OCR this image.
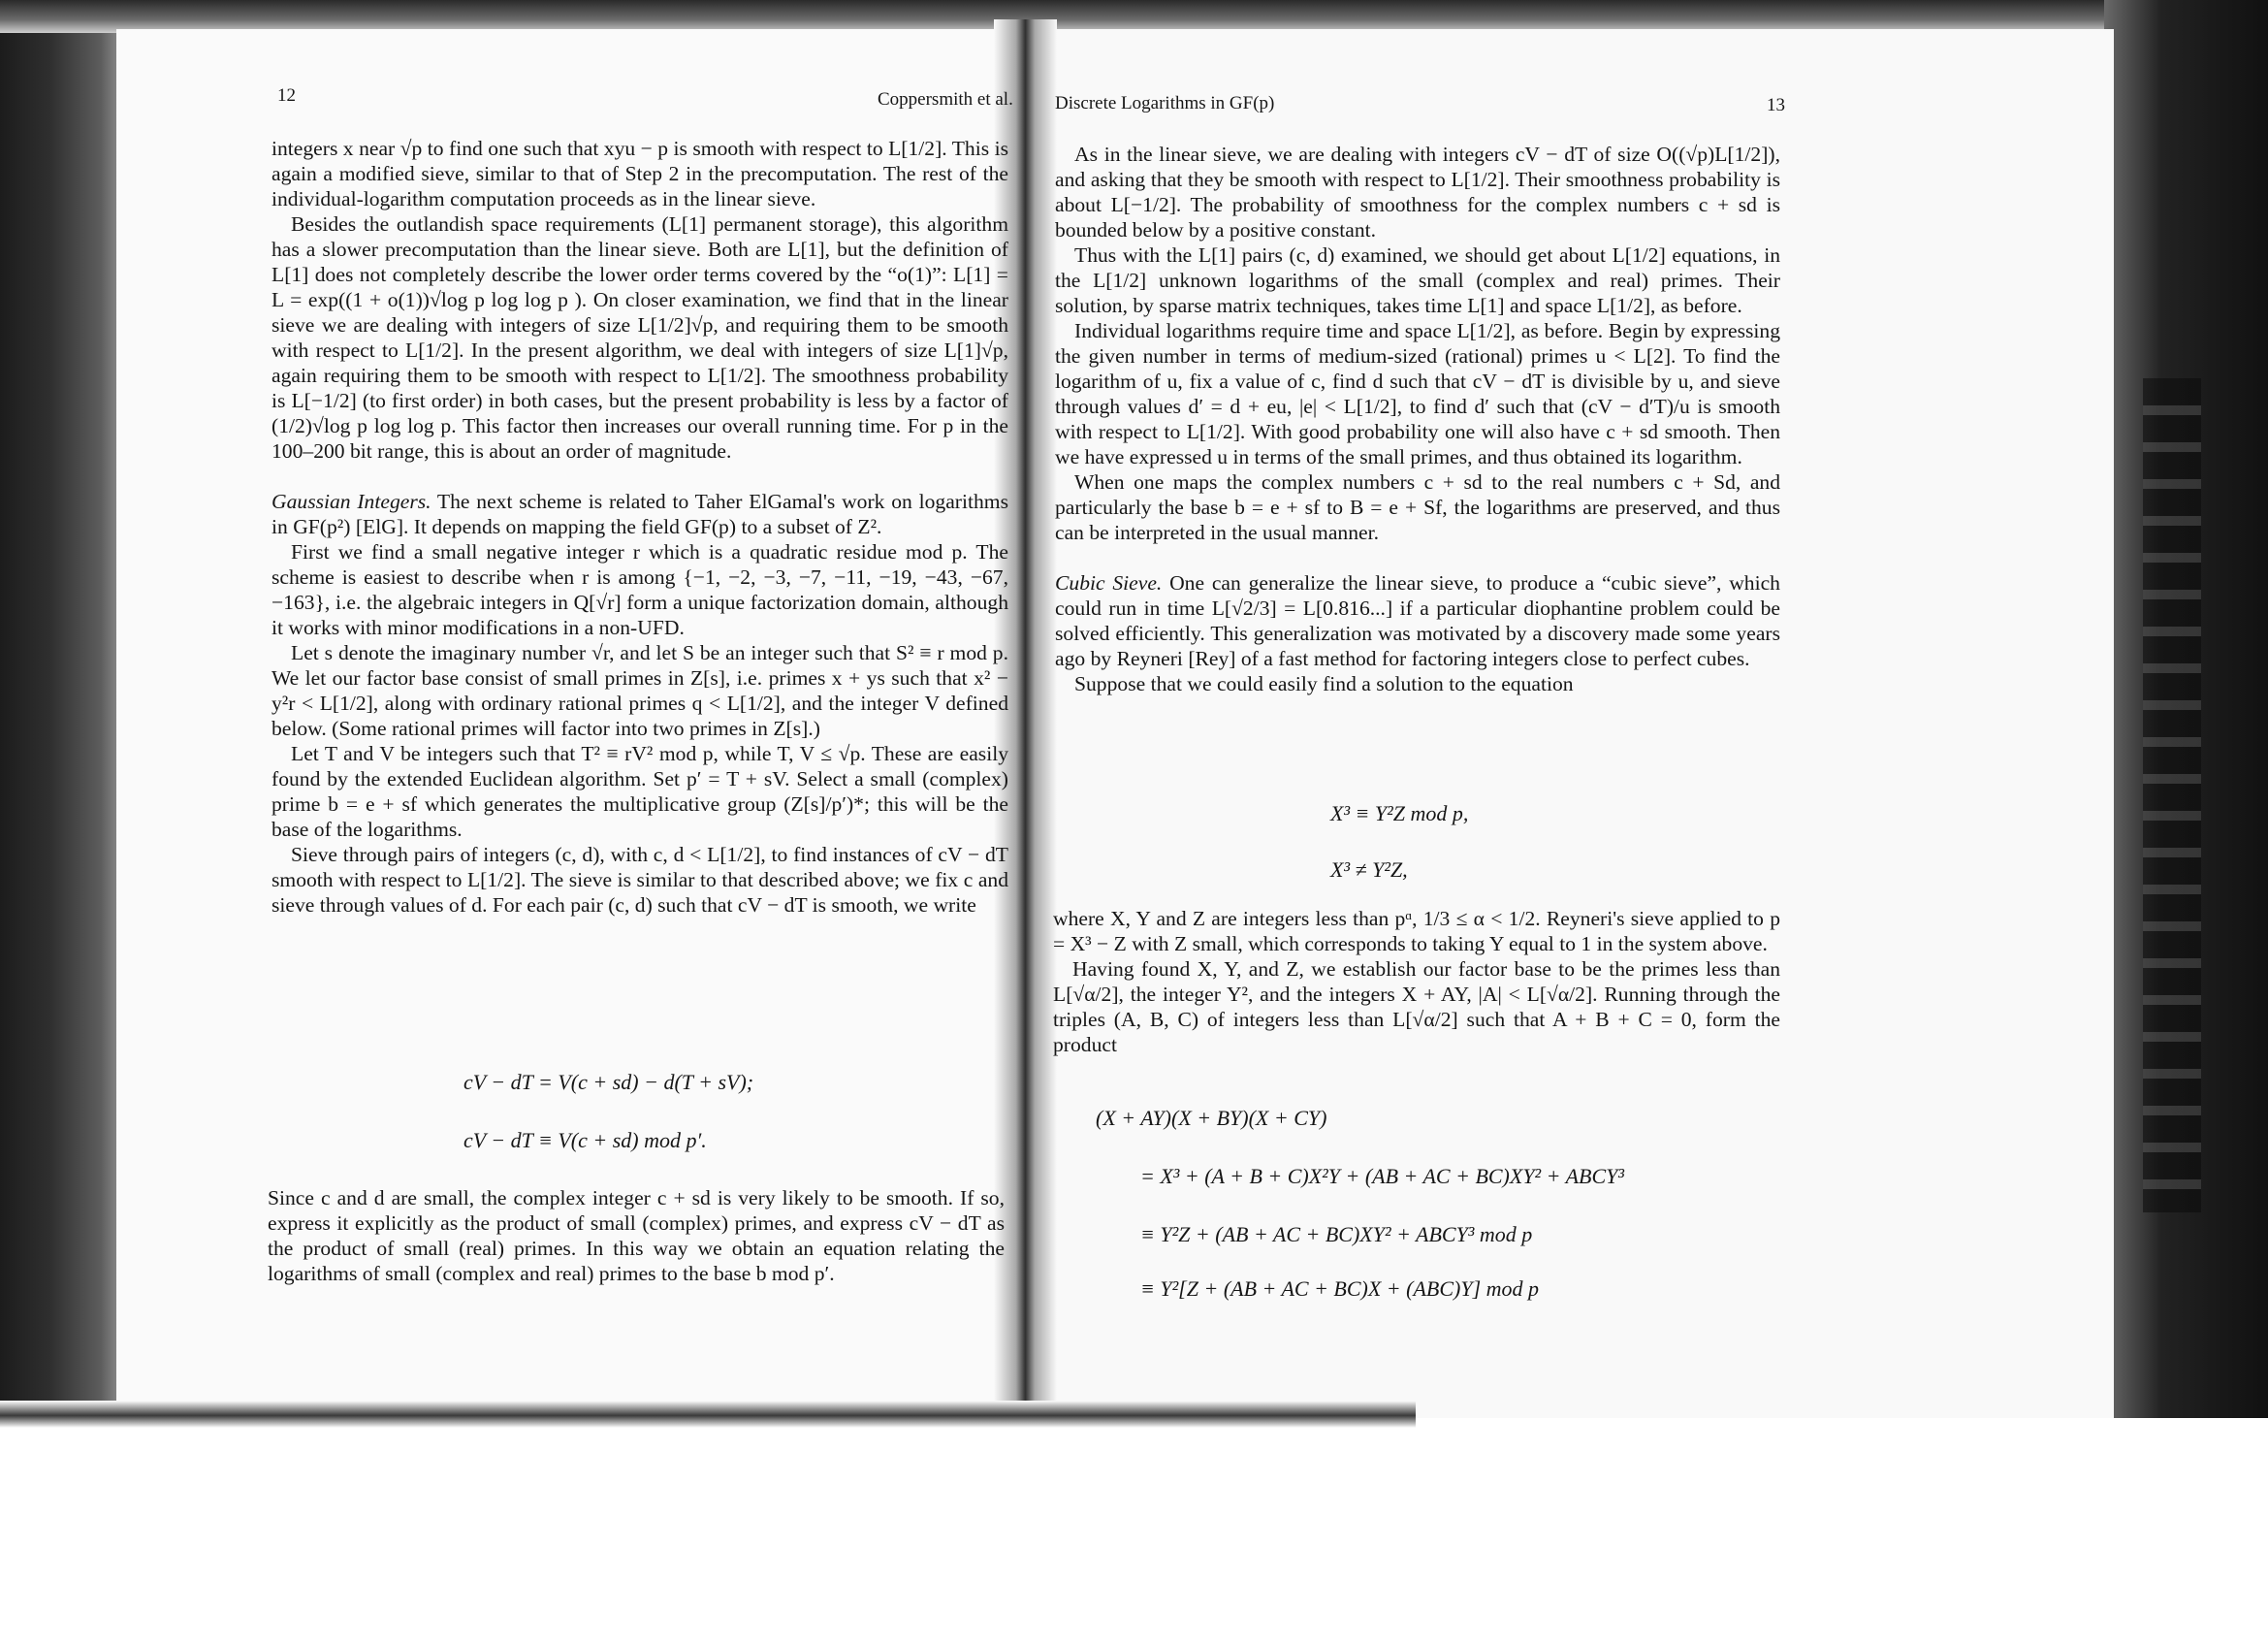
12	Coppersmith et al.

integers x near √p to find one such that xyu − p is smooth with respect to L[1/2]. This is again a modified sieve, similar to that of Step 2 in the precomputation. The rest of the individual-logarithm computation proceeds as in the linear sieve.

Besides the outlandish space requirements (L[1] permanent storage), this algorithm has a slower precomputation than the linear sieve. Both are L[1], but the definition of L[1] does not completely describe the lower order terms covered by the “o(1)”: L[1] = L = exp((1 + o(1))√log p log log p ). On closer examination, we find that in the linear sieve we are dealing with integers of size L[1/2]√p, and requiring them to be smooth with respect to L[1/2]. In the present algorithm, we deal with integers of size L[1]√p, again requiring them to be smooth with respect to L[1/2]. The smoothness probability is L[−1/2] (to first order) in both cases, but the present probability is less by a factor of (1/2)√log p log log p. This factor then increases our overall running time. For p in the 100–200 bit range, this is about an order of magnitude.

Gaussian Integers. The next scheme is related to Taher ElGamal's work on logarithms in GF(p²) [ElG]. It depends on mapping the field GF(p) to a subset of Z².

First we find a small negative integer r which is a quadratic residue mod p. The scheme is easiest to describe when r is among {−1, −2, −3, −7, −11, −19, −43, −67, −163}, i.e. the algebraic integers in Q[√r] form a unique factorization domain, although it works with minor modifications in a non-UFD.

Let s denote the imaginary number √r, and let S be an integer such that S² ≡ r mod p. We let our factor base consist of small primes in Z[s], i.e. primes x + ys such that x² − y²r < L[1/2], along with ordinary rational primes q < L[1/2], and the integer V defined below. (Some rational primes will factor into two primes in Z[s].)

Let T and V be integers such that T² ≡ rV² mod p, while T, V ≤ √p. These are easily found by the extended Euclidean algorithm. Set p′ = T + sV. Select a small (complex) prime b = e + sf which generates the multiplicative group (Z[s]/p′)*; this will be the base of the logarithms.

Sieve through pairs of integers (c, d), with c, d < L[1/2], to find instances of cV − dT smooth with respect to L[1/2]. The sieve is similar to that described above; we fix c and sieve through values of d. For each pair (c, d) such that cV − dT is smooth, we write

cV − dT = V(c + sd) − d(T + sV);
cV − dT ≡ V(c + sd) mod p′.

Since c and d are small, the complex integer c + sd is very likely to be smooth. If so, express it explicitly as the product of small (complex) primes, and express cV − dT as the product of small (real) primes. In this way we obtain an equation relating the logarithms of small (complex and real) primes to the base b mod p′.

Discrete Logarithms in GF(p)	13

As in the linear sieve, we are dealing with integers cV − dT of size O((√p)L[1/2]), and asking that they be smooth with respect to L[1/2]. Their smoothness probability is about L[−1/2]. The probability of smoothness for the complex numbers c + sd is bounded below by a positive constant.

Thus with the L[1] pairs (c, d) examined, we should get about L[1/2] equations, in the L[1/2] unknown logarithms of the small (complex and real) primes. Their solution, by sparse matrix techniques, takes time L[1] and space L[1/2], as before.

Individual logarithms require time and space L[1/2], as before. Begin by expressing the given number in terms of medium-sized (rational) primes u < L[2]. To find the logarithm of u, fix a value of c, find d such that cV − dT is divisible by u, and sieve through values d′ = d + eu, |e| < L[1/2], to find d′ such that (cV − d′T)/u is smooth with respect to L[1/2]. With good probability one will also have c + sd smooth. Then we have expressed u in terms of the small primes, and thus obtained its logarithm.

When one maps the complex numbers c + sd to the real numbers c + Sd, and particularly the base b = e + sf to B = e + Sf, the logarithms are preserved, and thus can be interpreted in the usual manner.

Cubic Sieve. One can generalize the linear sieve, to produce a “cubic sieve”, which could run in time L[√2/3] = L[0.816...] if a particular diophantine problem could be solved efficiently. This generalization was motivated by a discovery made some years ago by Reyneri [Rey] of a fast method for factoring integers close to perfect cubes.

Suppose that we could easily find a solution to the equation

X³ ≡ Y²Z mod p,
X³ ≠ Y²Z,

where X, Y and Z are integers less than pᵅ, 1/3 ≤ α < 1/2. Reyneri's sieve applied to p = X³ − Z with Z small, which corresponds to taking Y equal to 1 in the system above.

Having found X, Y, and Z, we establish our factor base to be the primes less than L[√α/2], the integer Y², and the integers X + AY, |A| < L[√α/2]. Running through the triples (A, B, C) of integers less than L[√α/2] such that A + B + C = 0, form the product

(X + AY)(X + BY)(X + CY)
= X³ + (A + B + C)X²Y + (AB + AC + BC)XY² + ABCY³
≡ Y²Z + (AB + AC + BC)XY² + ABCY³ mod p
≡ Y²[Z + (AB + AC + BC)X + (ABC)Y] mod p
